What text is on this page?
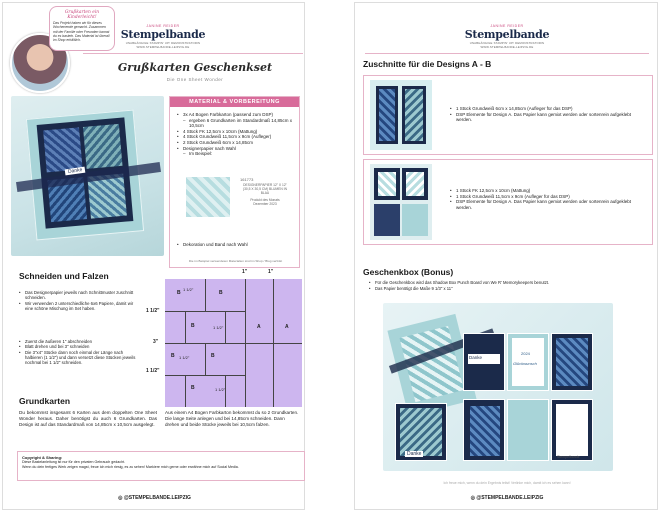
Grußkarten ein Kinderleicht!
Das Projekt haben wir für dieses Wochenende gemacht. Zusammen mit der Familie oder Freunden kannst du es basteln. Das Material ist überall im Shop erhältlich.
JANINE REIDER
Stempelbande
UNABHÄNGIGE STAMPIN' UP! DEMONSTRATORIN
WWW.STEMPELBANDE-LEIPZIG.DE
Grußkarten Geschenkset
Die One Sheet Wonder
Danke
MATERIAL & VORBEREITUNG
• 3x A4 Bogen Farbkarton (passend zum DSP)
– ergeben 6 Grundkarten im Standardmaß 14,85cm x 10,5cm
• 4 Stück FK 12,5cm x 10cm (Mattung)
• 4 Stück Grundweiß 11,5cm x 9cm (Aufleger)
• 2 Stück Grundweiß 6cm x 14,85cm
• Designerpapier nach Wahl
– Im Beispiel:
161773
DESIGNERPAPIER 12" X 12"
(30,5 X 30,5 CM) BLUMEN IN
BLAU
Produkt des Monats
Dezember 2023
• Dekoration und Band nach Wahl
Die im Beispiel verwendeten Materialien sind im Shop / Blog verlinkt
Schneiden und Falzen
• Das Designerpapier jeweils nach Schnittmuster zuschnitt​schneiden.
• Wir verwenden 2 unterschiedliche 6x6 Papiere, damit wir eine schöne Mischung im Set haben.
• Zuerst die äußeren 1" abschneiden
• Blatt drehen und bei 3" schneiden
• Die 3"x4" Stücke dann noch einmal der Länge nach halbieren (1 1/2") und dann versetzt diese Stücken jeweils nochmal bei 1 1/2" schneiden.
B	B
B
B	B
B
A	A
1 1/2"
1 1/2"
1 1/2"
1 1/2"
1"	1"
1 1/2"
3"
1 1/2"
Grundkarten
Du bekommst insgesamt 6 Karten aus dem doppelten One Sheet Wonder heraus. Daher benötigst du auch 6 Grundkarten. Das Design ist auf das Standardmaß von 14,85cm x 10,5cm ausgelegt.
Aus einem A4 Bogen Farbkarton bekommst du so 2 Grundkarten. Die lange Seite anlegen und bei 14,85cm schneiden. Dann drehen und beide Stücke jeweils bei 10,5cm falzen.
Copyright & Sharing:
Diese Bastelanleitung ist nur für den privaten Gebrauch gedacht.
Wenn du dein fertiges Werk zeigen magst, freue ich mich riesig, es zu sehen! Markiere mich gerne oder erwähne mich auf Social Media.
◎ @STEMPELBANDE.LEIPZIG
JANINE REIDER
Stempelbande
UNABHÄNGIGE STAMPIN' UP! DEMONSTRATORIN
WWW.STEMPELBANDE-LEIPZIG.DE
Zuschnitte für die Designs A - B
• 1 Stück Grundweiß 6cm x 14,85cm (Aufleger für das DSP)
• DSP Elemente für Design A. Das Papier kann gemixt werden oder sortenrein aufgeklebt werden.
• 1 Stück FK 12,5cm x 10cm (Mattung)
• 1 Stück Grundweiß 11,5cm x 9cm (Aufleger für das DSP)
• DSP Elemente für Design A. Das Papier kann gemixt werden oder sortenrein aufgeklebt werden.
Geschenkbox (Bonus)
• Für die Geschenkbox wird das Shadow Box Punch Board von We R' Memorykeepers benutzt.
• Das Papier benötigt die Maße 9 1/3" x 11"
Danke
Glückwunsch
2024
Danke	Stempelbande
Ich freue mich, wenn du dein Ergebnis teilst! Verlinke mich, damit ich es sehen kann!
◎ @STEMPELBANDE.LEIPZIG
